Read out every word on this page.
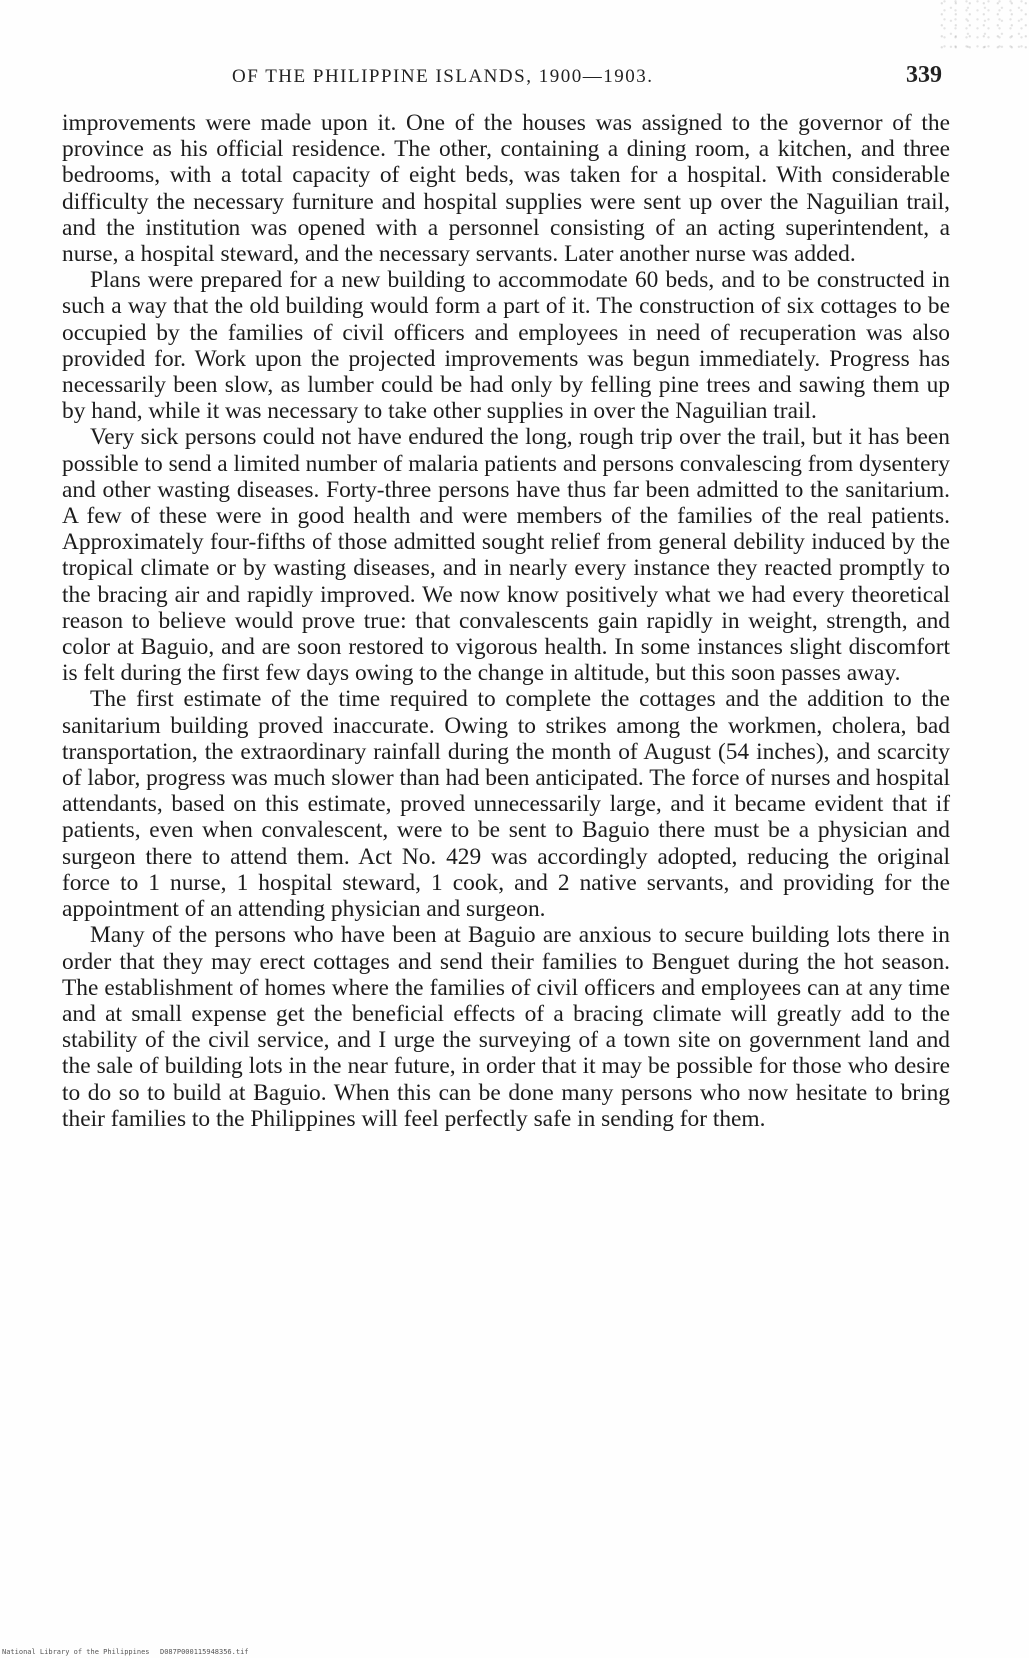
OF THE PHILIPPINE ISLANDS, 1900—1903.	339

improvements were made upon it. One of the houses was assigned to the governor of the province as his official residence. The other, containing a dining room, a kitchen, and three bedrooms, with a total capacity of eight beds, was taken for a hospital. With considerable difficulty the necessary furniture and hospital supplies were sent up over the Naguilian trail, and the institution was opened with a personnel consisting of an acting superintendent, a nurse, a hospital steward, and the necessary servants. Later another nurse was added.

Plans were prepared for a new building to accommodate 60 beds, and to be constructed in such a way that the old building would form a part of it. The construction of six cottages to be occupied by the families of civil officers and employees in need of recuperation was also provided for. Work upon the projected improvements was begun immediately. Progress has necessarily been slow, as lumber could be had only by felling pine trees and sawing them up by hand, while it was necessary to take other supplies in over the Naguilian trail.

Very sick persons could not have endured the long, rough trip over the trail, but it has been possible to send a limited number of malaria patients and persons convalescing from dysentery and other wasting diseases. Forty-three persons have thus far been admitted to the sanitarium. A few of these were in good health and were members of the families of the real patients. Approximately four-fifths of those admitted sought relief from general debility induced by the tropical climate or by wasting diseases, and in nearly every instance they reacted promptly to the bracing air and rapidly improved. We now know positively what we had every theoretical reason to believe would prove true: that convalescents gain rapidly in weight, strength, and color at Baguio, and are soon restored to vigorous health. In some instances slight discomfort is felt during the first few days owing to the change in altitude, but this soon passes away.

The first estimate of the time required to complete the cottages and the addition to the sanitarium building proved inaccurate. Owing to strikes among the workmen, cholera, bad transportation, the extraordinary rainfall during the month of August (54 inches), and scarcity of labor, progress was much slower than had been anticipated. The force of nurses and hospital attendants, based on this estimate, proved unnecessarily large, and it became evident that if patients, even when convalescent, were to be sent to Baguio there must be a physician and surgeon there to attend them. Act No. 429 was accordingly adopted, reducing the original force to 1 nurse, 1 hospital steward, 1 cook, and 2 native servants, and providing for the appointment of an attending physician and surgeon.

Many of the persons who have been at Baguio are anxious to secure building lots there in order that they may erect cottages and send their families to Benguet during the hot season. The establishment of homes where the families of civil officers and employees can at any time and at small expense get the beneficial effects of a bracing climate will greatly add to the stability of the civil service, and I urge the surveying of a town site on government land and the sale of building lots in the near future, in order that it may be possible for those who desire to do so to build at Baguio. When this can be done many persons who now hesitate to bring their families to the Philippines will feel perfectly safe in sending for them.

National Library of the Philippines D087P000115948356.tif
